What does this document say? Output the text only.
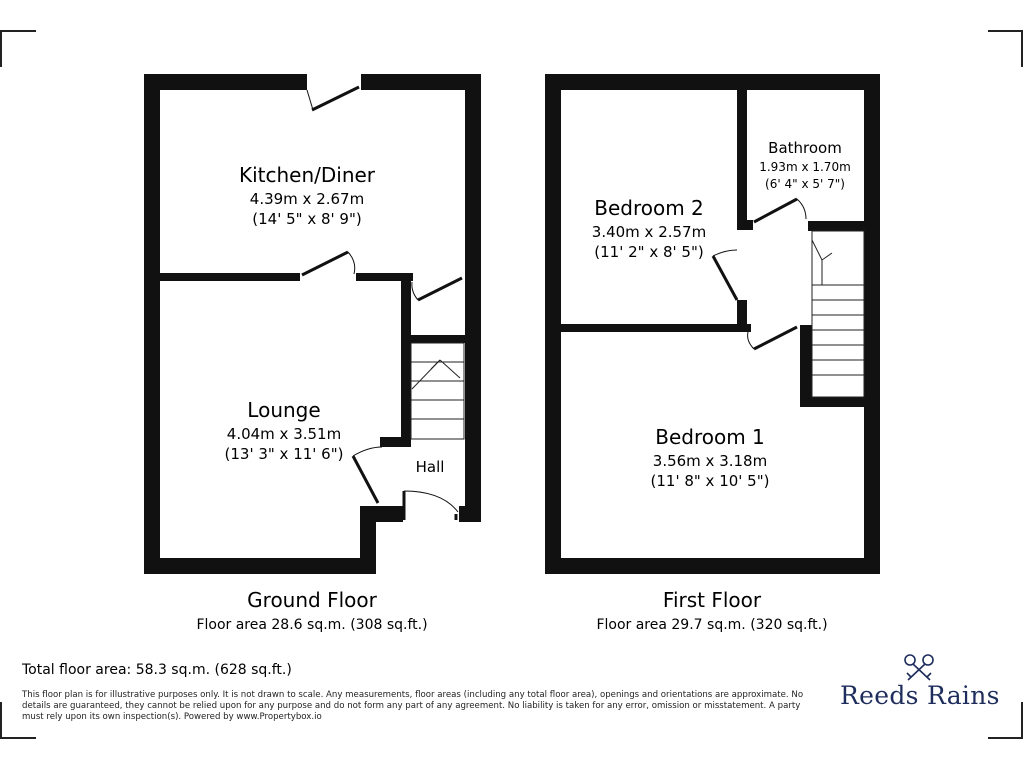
Kitchen/Diner
4.39m x 2.67m
(14' 5" x 8' 9")
Lounge
4.04m x 3.51m
(13' 3" x 11' 6")
Hall
Bedroom 2
3.40m x 2.57m
(11' 2" x 8' 5")
Bathroom
1.93m x 1.70m
(6' 4" x 5' 7")
Bedroom 1
3.56m x 3.18m
(11' 8" x 10' 5")
Ground Floor
Floor area 28.6 sq.m. (308 sq.ft.)
First Floor
Floor area 29.7 sq.m. (320 sq.ft.)
Total floor area: 58.3 sq.m. (628 sq.ft.)
This floor plan is for illustrative purposes only. It is not drawn to scale. Any measurements, floor areas (including any total floor area), openings and orientations are approximate. No details are guaranteed, they cannot be relied upon for any purpose and do not form any part of any agreement. No liability is taken for any error, omission or misstatement. A party must rely upon its own inspection(s). Powered by www.Propertybox.io
Reeds Rains
